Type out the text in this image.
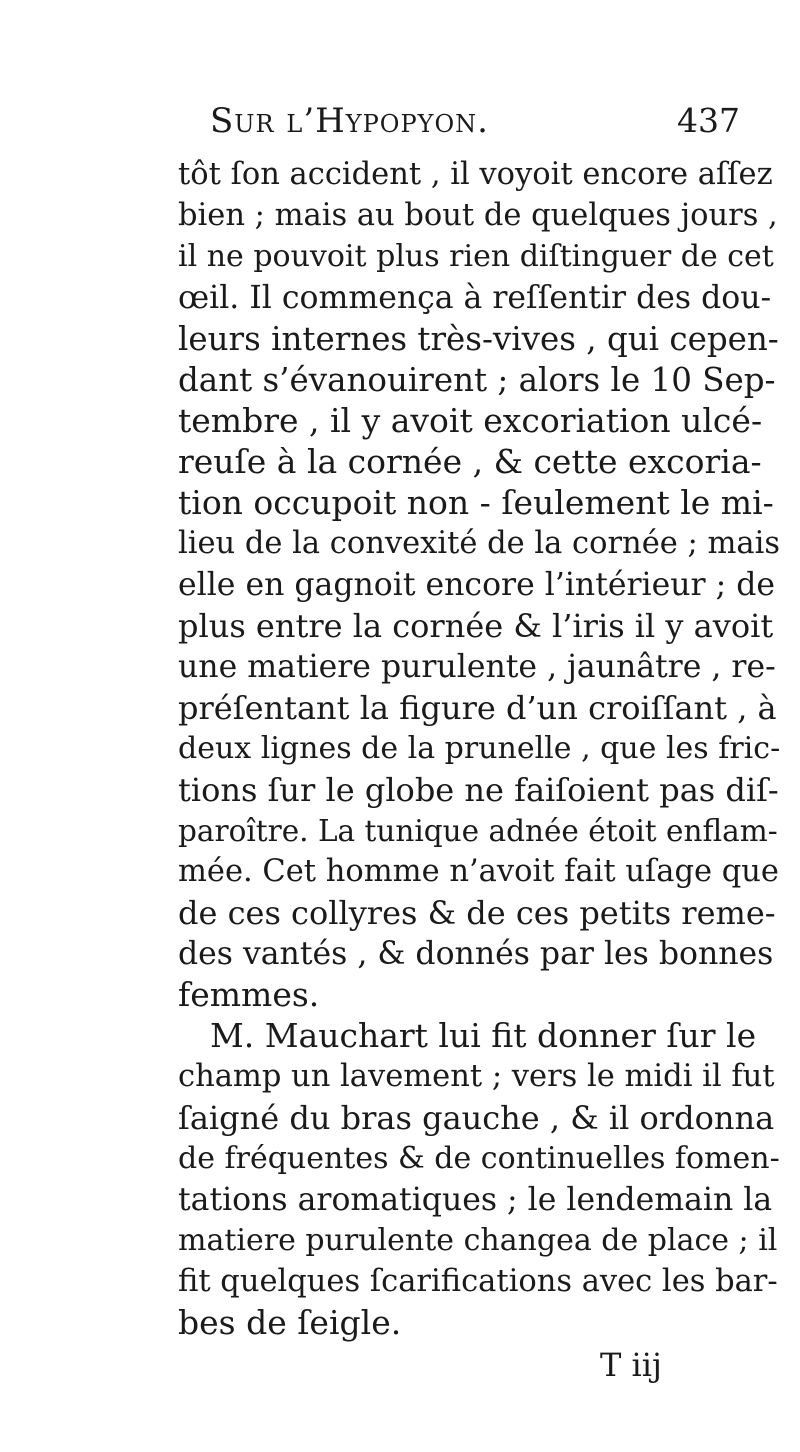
Sur l’Hypopyon.	437
tôt ſon accident , il voyoit encore aſſez
bien ; mais au bout de quelques jours ,
il ne pouvoit plus rien diſtinguer de cet
œil. Il commença à reſſentir des dou-
leurs internes très-vives , qui cepen-
dant s’évanouirent ; alors le 10 Sep-
tembre , il y avoit excoriation ulcé-
reuſe à la cornée , & cette excoria-
tion occupoit non - ſeulement le mi-
lieu de la convexité de la cornée ; mais
elle en gagnoit encore l’intérieur ; de
plus entre la cornée & l’iris il y avoit
une matiere purulente , jaunâtre , re-
préſentant la figure d’un croiſſant , à
deux lignes de la prunelle , que les fric-
tions ſur le globe ne faiſoient pas diſ-
paroître. La tunique adnée étoit enflam-
mée. Cet homme n’avoit fait uſage que
de ces collyres & de ces petits reme-
des vantés , & donnés par les bonnes
femmes.
M. Mauchart lui fit donner ſur le
champ un lavement ; vers le midi il fut
ſaigné du bras gauche , & il ordonna
de fréquentes & de continuelles fomen-
tations aromatiques ; le lendemain la
matiere purulente changea de place ; il
fit quelques ſcarifications avec les bar-
bes de ſeigle.
T iij
